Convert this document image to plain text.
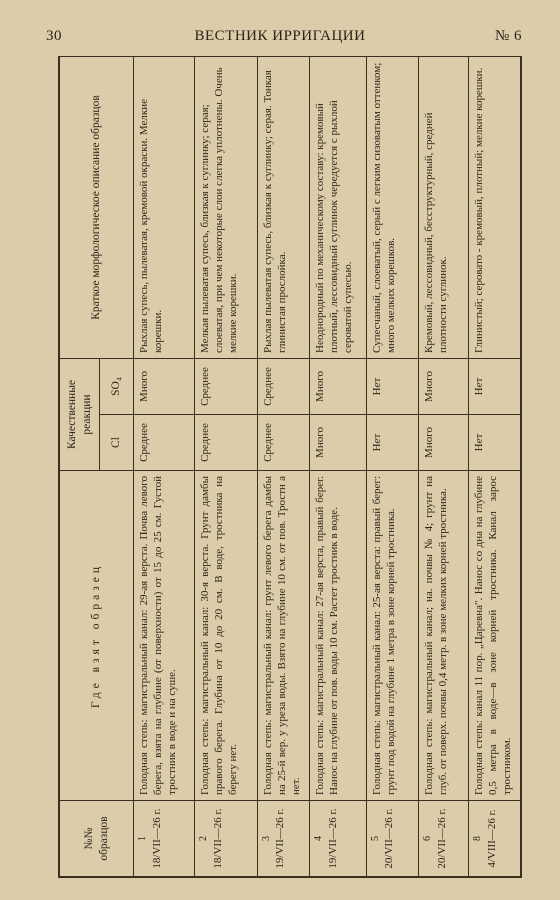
30	ВЕСТНИК ИРРИГАЦИИ	№ 6
№№ образцов	Где взят образец	Качественные реакции		Краткое морфологическое описание образцов
		Cl	SO₄	

1 18/VII—26 г.	Голодная степь: магистральный канал: 29-ая верста. Почва левого берега, взята на глубине (от поверхности) от 15 до 25 см. Густой тростник в воде и на суше.	Среднее	Много	Рыхлая супесь, пылеватая, кремовой окраски. Мелкие корешки.

2 18/VII—26 г.	Голодная степь: магистральный канал: 30-я верста. Грунт дамбы правого берега. Глубина от 10 до 20 см. В воде, тростника на берегу нет.	Среднее	Среднее	Мелкая пылеватая супесь, близкая к суглинку; серая; слоеватая, при чем некоторые слои слегка уплотнены. Очень мелкие корешки.

3 19/VII—26 г.	Голодная степь: магистральный канал: грунт левого берега дамбы на 25-й вер. у уреза воды. Взято на глубине 10 см. от пов. Тростн а нет.	Среднее	Среднее	Рыхлая пылеватая супесь, близкая к суглинку; серая. Тонкая глинистая прослойка.

4 19/VII—26 г.	Голодная степь: магистральный канал: 27-ая верста, правый берег. Нанос на глубине от пов. воды 10 см. Растет тростник в воде.	Много	Много	Неоднородный по механическому составу: кремовый плотный, лессовидный суглинок чередуется с рыхлой сероватой супесью.

5 20/VII—26 г.	Голодная степь: магистральный канал: 25-ая верста: правый берег: грунт под водой на глубине 1 метра в зоне корней тростника.	Нет	Нет	Супесчаный, слоеватый, серый с легким сизоватым оттенком; много мелких корешков.

6 20/VII—26 г.	Голодная степь: магистральный канал; нa. почвы № 4; грунт на глуб. от поверх. почвы 0,4 метр. в зоне мелких корней тростника.	Много	Много	Кремовый, лессовидный, бесструктурный, средней плотности суглинок.

8 4/VIII—26 г.	Голодная степь: канал 11 пор. „Царевна". Нанос со дна на глубине 0,5 метра в воде—в зоне корней тростника. Канал зарос тростником.	Нет	Нет	Глинистый; серовато - кремовый, плотный; мелкие корешки.
